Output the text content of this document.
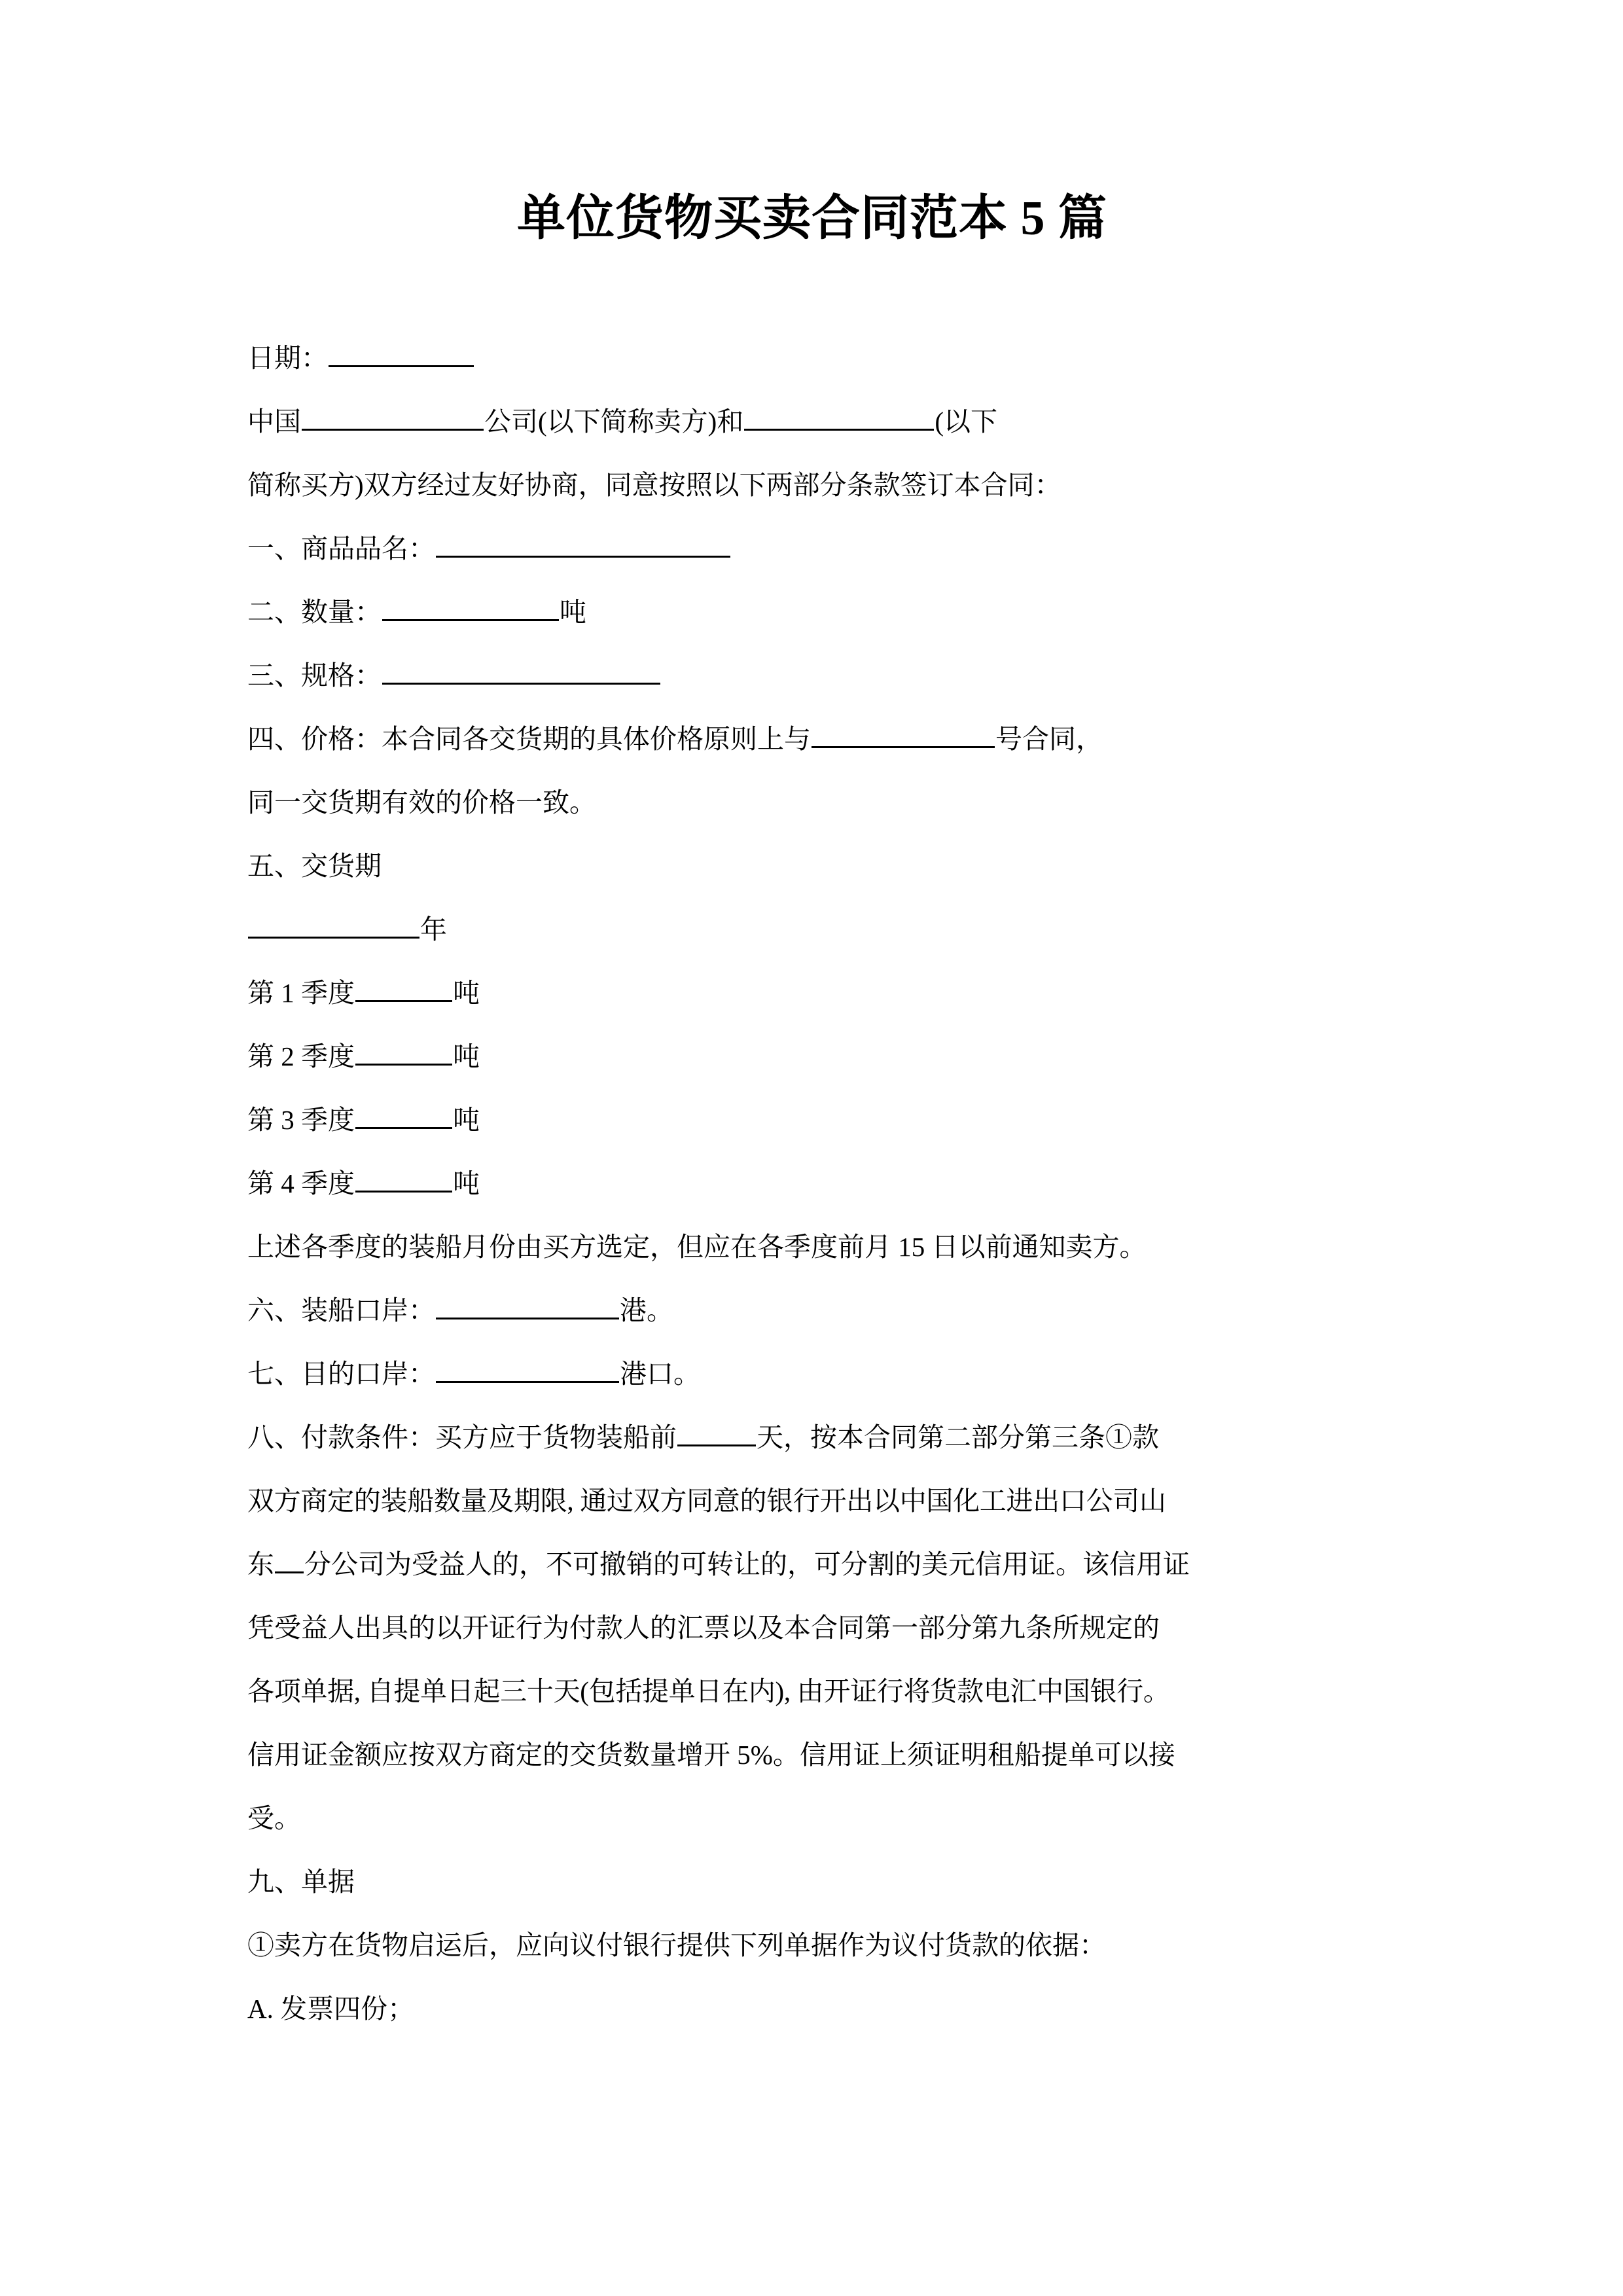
单位货物买卖合同范本 5 篇

日期：

中国	公司(以下简称卖方)和	(以下

简称买方)双方经过友好协商，同意按照以下两部分条款签订本合同：

一、商品品名：

二、数量：	吨

三、规格：

四、价格：本合同各交货期的具体价格原则上与	号合同，

同一交货期有效的价格一致。

五、交货期

年

第 1 季度	吨

第 2 季度	吨

第 3 季度	吨

第 4 季度	吨

上述各季度的装船月份由买方选定，但应在各季度前月 15 日以前通知卖方。

六、装船口岸：	港。

七、目的口岸：	港口。

八、付款条件：买方应于货物装船前	天，按本合同第二部分第三条①款

双方商定的装船数量及期限, 通过双方同意的银行开出以中国化工进出口公司山

东 分公司为受益人的，不可撤销的可转让的，可分割的美元信用证。该信用证

凭受益人出具的以开证行为付款人的汇票以及本合同第一部分第九条所规定的

各项单据, 自提单日起三十天(包括提单日在内), 由开证行将货款电汇中国银行。

信用证金额应按双方商定的交货数量增开 5%。信用证上须证明租船提单可以接

受。

九、单据

①卖方在货物启运后，应向议付银行提供下列单据作为议付货款的依据：

A. 发票四份；
